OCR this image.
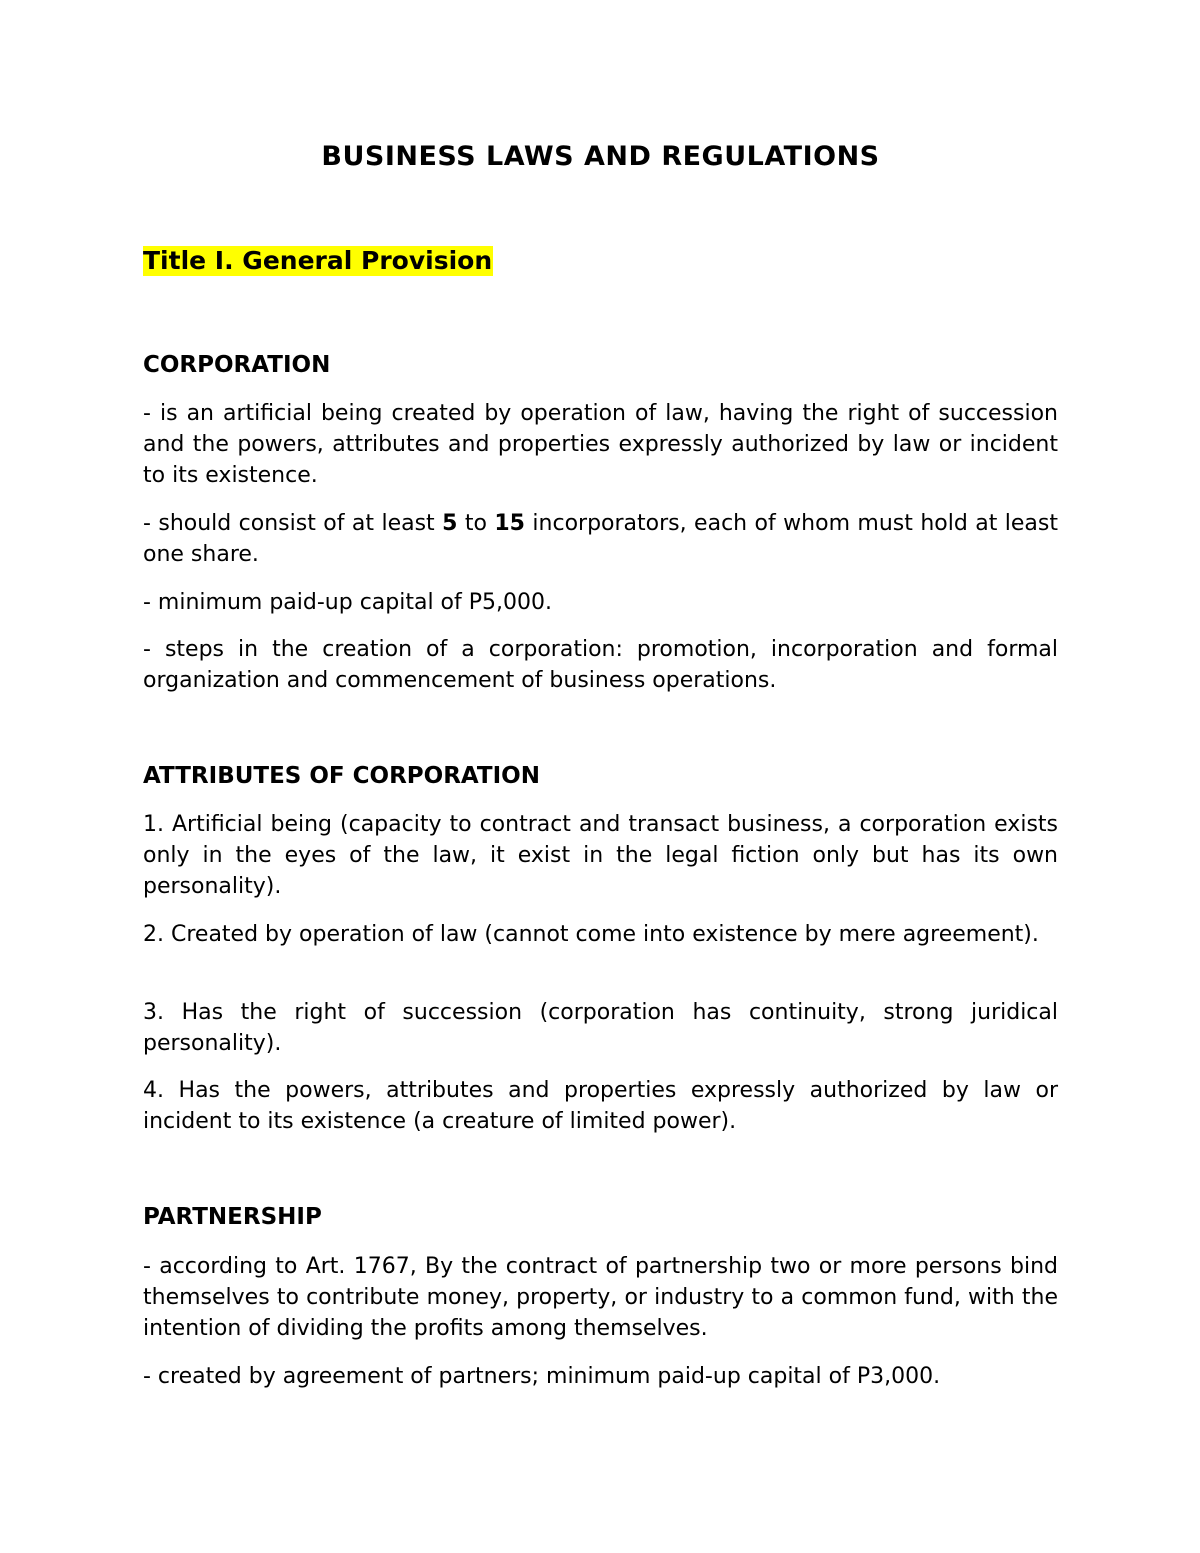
BUSINESS LAWS AND REGULATIONS
Title I. General Provision
CORPORATION

- is an artificial being created by operation of law, having the right of succession and the powers, attributes and properties expressly authorized by law or incident to its existence.

- should consist of at least 5 to 15 incorporators, each of whom must hold at least one share.

- minimum paid-up capital of P5,000.

- steps in the creation of a corporation: promotion, incorporation and formal organization and commencement of business operations.

ATTRIBUTES OF CORPORATION

1. Artificial being (capacity to contract and transact business, a corporation exists only in the eyes of the law, it exist in the legal fiction only but has its own personality).

2. Created by operation of law (cannot come into existence by mere agreement).

3. Has the right of succession (corporation has continuity, strong juridical personality).

4. Has the powers, attributes and properties expressly authorized by law or incident to its existence (a creature of limited power).

PARTNERSHIP

- according to Art. 1767, By the contract of partnership two or more persons bind themselves to contribute money, property, or industry to a common fund, with the intention of dividing the profits among themselves.

- created by agreement of partners; minimum paid-up capital of P3,000.
